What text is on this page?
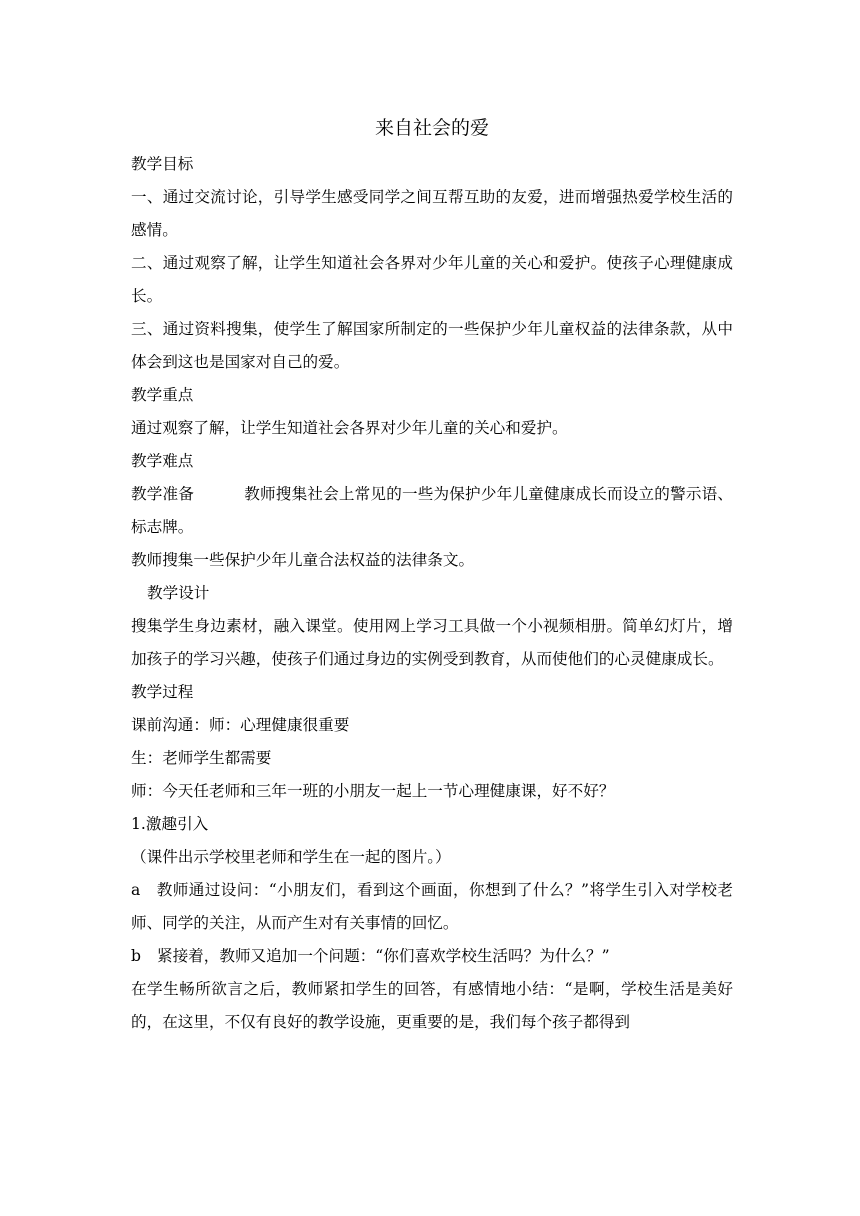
来自社会的爱

教学目标

一、通过交流讨论，引导学生感受同学之间互帮互助的友爱，进而增强热爱学校生活的感情。

二、通过观察了解，让学生知道社会各界对少年儿童的关心和爱护。使孩子心理健康成长。

三、通过资料搜集，使学生了解国家所制定的一些保护少年儿童权益的法律条款，从中体会到这也是国家对自己的爱。

教学重点

通过观察了解，让学生知道社会各界对少年儿童的关心和爱护。

教学难点

教学准备	教师搜集社会上常见的一些为保护少年儿童健康成长而设立的警示语、标志牌。

教师搜集一些保护少年儿童合法权益的法律条文。

教学设计

搜集学生身边素材，融入课堂。使用网上学习工具做一个小视频相册。简单幻灯片，增加孩子的学习兴趣，使孩子们通过身边的实例受到教育，从而使他们的心灵健康成长。

教学过程

课前沟通：师：心理健康很重要

生：老师学生都需要

师：今天任老师和三年一班的小朋友一起上一节心理健康课，好不好？

1.激趣引入

（课件出示学校里老师和学生在一起的图片。）

a 教师通过设问：“小朋友们，看到这个画面，你想到了什么？”将学生引入对学校老师、同学的关注，从而产生对有关事情的回忆。

b 紧接着，教师又追加一个问题：“你们喜欢学校生活吗？为什么？”

在学生畅所欲言之后，教师紧扣学生的回答，有感情地小结：“是啊，学校生活是美好的，在这里，不仅有良好的教学设施，更重要的是，我们每个孩子都得到
